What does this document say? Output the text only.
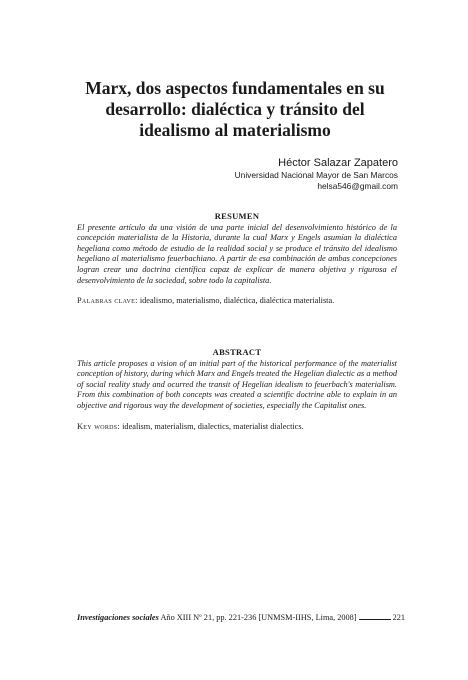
Marx, dos aspectos fundamentales en su desarrollo: dialéctica y tránsito del idealismo al materialismo
Héctor Salazar Zapatero
Universidad Nacional Mayor de San Marcos
helsa546@gmail.com
RESUMEN

El presente artículo da una visión de una parte inicial del desenvolvimiento histórico de la concepción materialista de la Historia, durante la cual Marx y Engels asumían la dialéctica hegeliana como método de estudio de la realidad social y se produce el tránsito del idealismo hegeliano al materialismo feuerbachiano. A partir de esa combinación de ambas concepciones logran crear una doctrina científica capaz de explicar de manera objetiva y rigurosa el desenvolvimiento de la sociedad, sobre todo la capitalista.

Palabras clave: idealismo, materialismo, dialéctica, dialéctica materialista.

ABSTRACT

This article proposes a vision of an initial part of the historical performance of the materialist conception of history, during which Marx and Engels treated the Hegelian dialectic as a method of social reality study and ocurred the transit of Hegelian idealism to feuerbach's materialism. From this combination of both concepts was created a scientific doctrine able to explain in an objective and rigorous way the development of societies, especially the Capitalist ones.

Key words: idealism, materialism, dialectics, materialist dialectics.

Investigaciones sociales Año XIII Nº 21, pp. 221-236 [UNMSM-IIHS, Lima, 2008]	221
